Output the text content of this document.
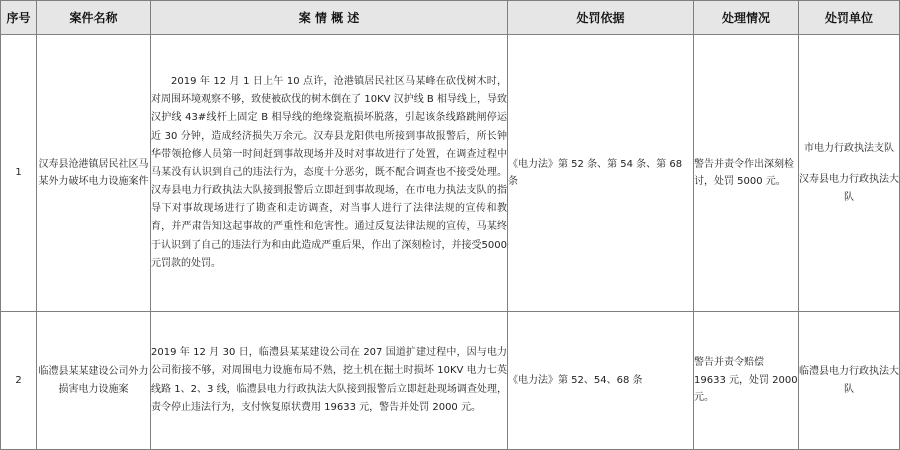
序号	案件名称	案 情 概 述	处罚依据	处理情况	处罚单位
1	汉寿县沧港镇居民社区马某外力破坏电力设施案件	2019 年 12 月 1 日上午 10 点许，沧港镇居民社区马某峰在砍伐树木时，对周围环境观察不够，致使被砍伐的树木倒在了 10KV 汉护线 B 相导线上，导致汉护线 43#线杆上固定 B 相导线的绝缘瓷瓶损坏脱落，引起该条线路跳闸停运近 30 分钟，造成经济损失万余元。汉寿县龙阳供电所接到事故报警后，所长钟华带领抢修人员第一时间赶到事故现场并及时对事故进行了处置，在调查过程中马某没有认识到自己的违法行为，态度十分恶劣，既不配合调查也不接受处理。汉寿县电力行政执法大队接到报警后立即赶到事故现场，在市电力执法支队的指导下对事故现场进行了勘查和走访调查，对当事人进行了法律法规的宣传和教育，并严肃告知这起事故的严重性和危害性。通过反复法律法规的宣传，马某终于认识到了自己的违法行为和由此造成严重后果，作出了深刻检讨，并接受5000元罚款的处罚。	《电力法》第 52 条、第 54 条、第 68 条	警告并责令作出深刻检讨，处罚 5000 元。	市电力行政执法支队
汉寿县电力行政执法大队

2	临澧县某某建设公司外力损害电力设施案	2019 年 12 月 30 日，临澧县某某建设公司在 207 国道扩建过程中，因与电力公司衔接不够，对周围电力设施布局不熟，挖土机在掘土时损坏 10KV 电力七英线路 1、2、3 线，临澧县电力行政执法大队接到报警后立即赶赴现场调查处理，责令停止违法行为，支付恢复原状费用 19633 元，警告并处罚 2000 元。	《电力法》第 52、54、68 条	警告并责令赔偿 19633 元，处罚 2000 元。	临澧县电力行政执法大队
